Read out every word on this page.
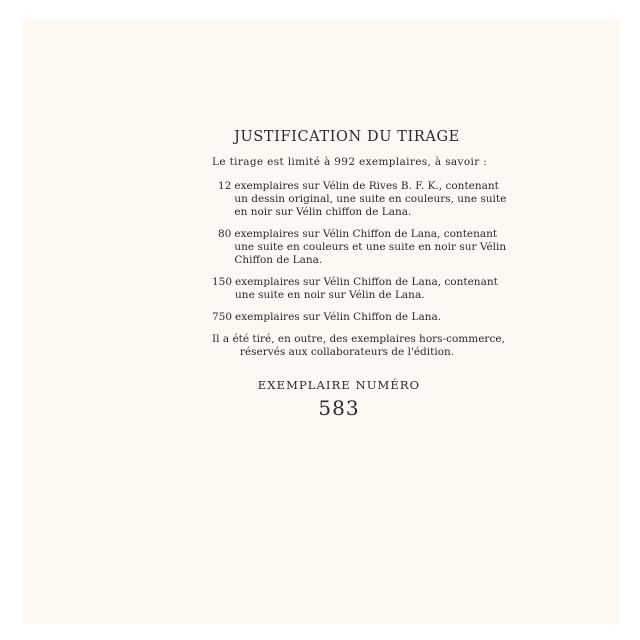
JUSTIFICATION DU TIRAGE
Le tirage est limité à 992 exemplaires, à savoir :
12 exemplaires sur Vélin de Rives B. F. K., contenant
un dessin original, une suite en couleurs, une suite
en noir sur Vélin chiffon de Lana.
80 exemplaires sur Vélin Chiffon de Lana, contenant
une suite en couleurs et une suite en noir sur Vélin
Chiffon de Lana.
150 exemplaires sur Vélin Chiffon de Lana, contenant
une suite en noir sur Vélin de Lana.
750 exemplaires sur Vélin Chiffon de Lana.
Il a été tiré, en outre, des exemplaires hors-commerce,
réservés aux collaborateurs de l'édition.
EXEMPLAIRE NUMÉRO
583
